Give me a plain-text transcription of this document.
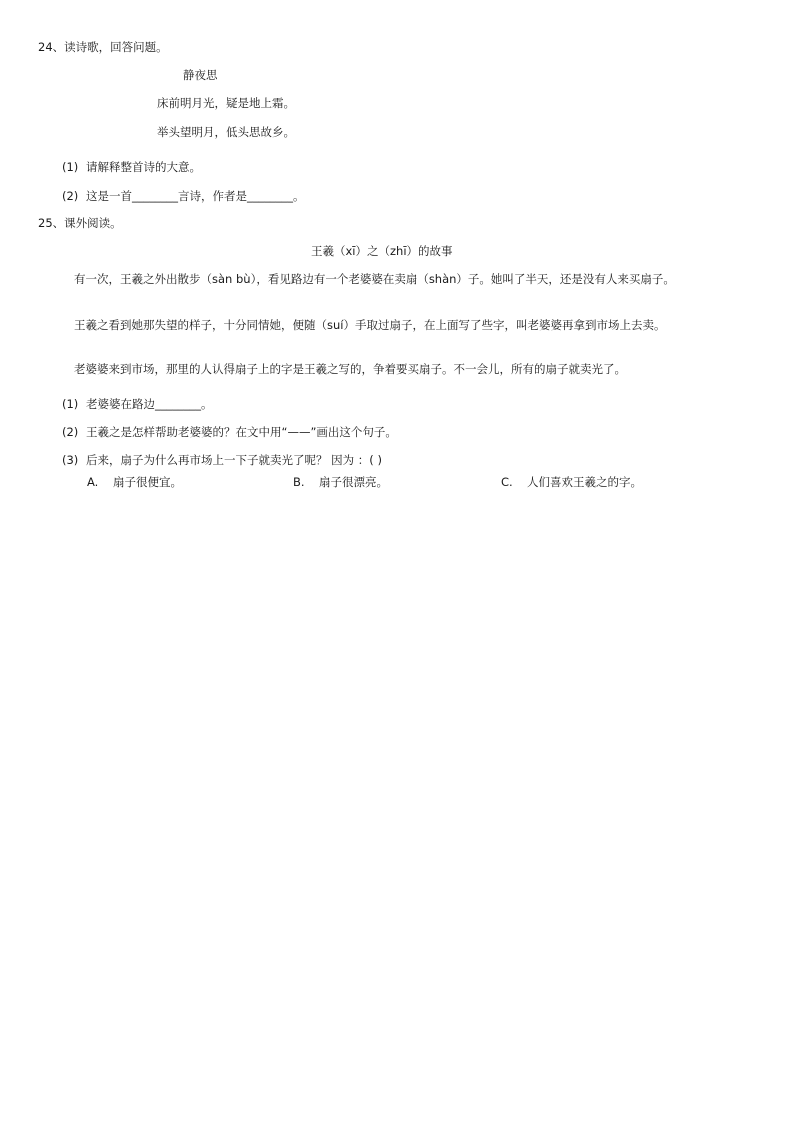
24、读诗歌，回答问题。
静夜思
床前明月光，疑是地上霜。
举头望明月，低头思故乡。
(1) 请解释整首诗的大意。
(2) 这是一首________言诗，作者是________。
25、课外阅读。
王羲（xī）之（zhī）的故事
有一次，王羲之外出散步（sàn bù），看见路边有一个老婆婆在卖扇（shàn）子。她叫了半天，还是没有人来买扇子。
王羲之看到她那失望的样子，十分同情她，便随（suí）手取过扇子，在上面写了些字，叫老婆婆再拿到市场上去卖。
老婆婆来到市场，那里的人认得扇子上的字是王羲之写的，争着要买扇子。不一会儿，所有的扇子就卖光了。
(1) 老婆婆在路边________。
(2) 王羲之是怎样帮助老婆婆的？在文中用“——”画出这个句子。
(3) 后来，扇子为什么再市场上一下子就卖光了呢？ 因为 ：( )
A. 扇子很便宜。	B. 扇子很漂亮。	C. 人们喜欢王羲之的字。
